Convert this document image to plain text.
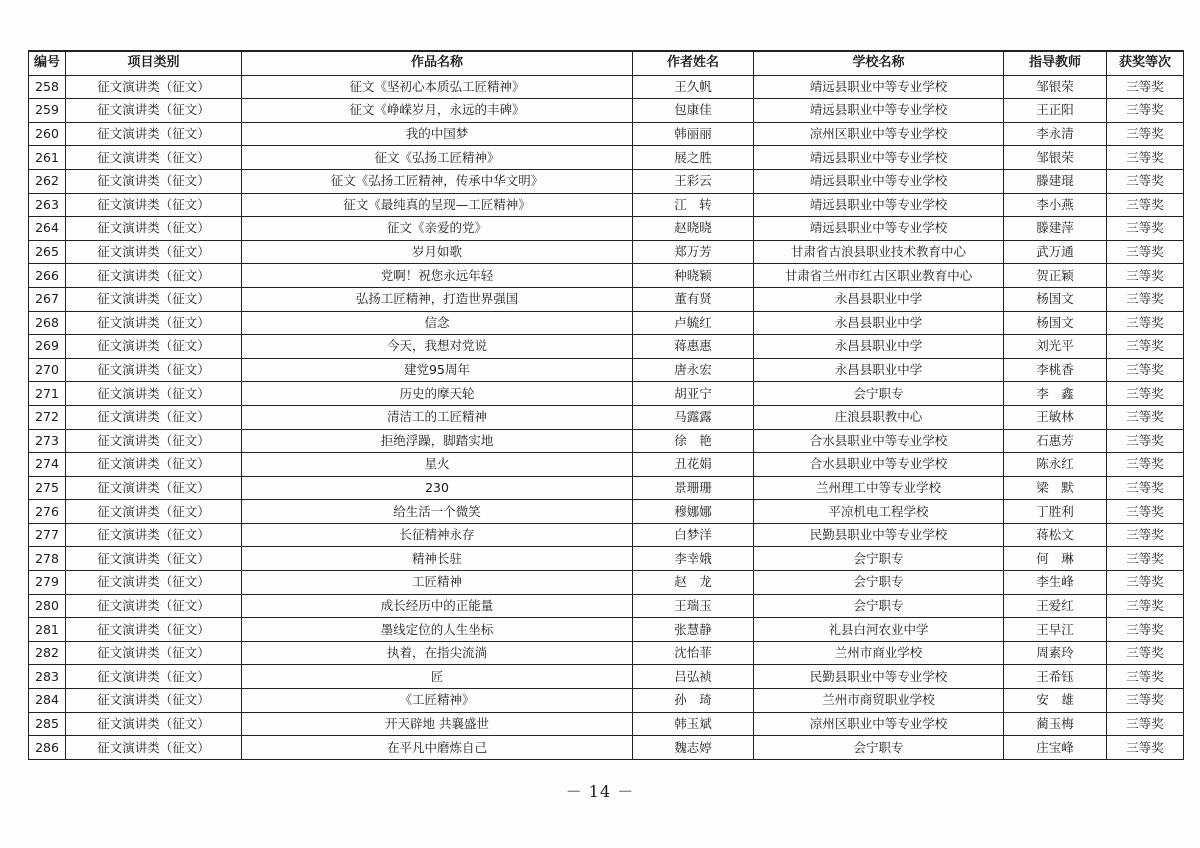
编号	项目类别	作品名称	作者姓名	学校名称	指导教师	获奖等次
258	征文演讲类（征文）	征文《坚初心本质弘工匠精神》	王久帆	靖远县职业中等专业学校	邹银荣	三等奖
259	征文演讲类（征文）	征文《峥嵘岁月，永远的丰碑》	包康佳	靖远县职业中等专业学校	王正阳	三等奖
260	征文演讲类（征文）	我的中国梦	韩丽丽	凉州区职业中等专业学校	李永清	三等奖
261	征文演讲类（征文）	征文《弘扬工匠精神》	展之胜	靖远县职业中等专业学校	邹银荣	三等奖
262	征文演讲类（征文）	征文《弘扬工匠精神，传承中华文明》	王彩云	靖远县职业中等专业学校	滕建琨	三等奖
263	征文演讲类（征文）	征文《最纯真的呈现—工匠精神》	江　转	靖远县职业中等专业学校	李小燕	三等奖
264	征文演讲类（征文）	征文《亲爱的党》	赵晓晓	靖远县职业中等专业学校	滕建萍	三等奖
265	征文演讲类（征文）	岁月如歌	郑万芳	甘肃省古浪县职业技术教育中心	武万通	三等奖
266	征文演讲类（征文）	党啊！祝您永远年轻	种晓颖	甘肃省兰州市红古区职业教育中心	贺正颖	三等奖
267	征文演讲类（征文）	弘扬工匠精神，打造世界强国	董有贤	永昌县职业中学	杨国文	三等奖
268	征文演讲类（征文）	信念	卢毓红	永昌县职业中学	杨国文	三等奖
269	征文演讲类（征文）	今天，我想对党说	蒋惠惠	永昌县职业中学	刘光平	三等奖
270	征文演讲类（征文）	建党95周年	唐永宏	永昌县职业中学	李桃香	三等奖
271	征文演讲类（征文）	历史的摩天轮	胡亚宁	会宁职专	李　鑫	三等奖
272	征文演讲类（征文）	清洁工的工匠精神	马露露	庄浪县职教中心	王敏林	三等奖
273	征文演讲类（征文）	拒绝浮躁，脚踏实地	徐　艳	合水县职业中等专业学校	石惠芳	三等奖
274	征文演讲类（征文）	星火	丑花娟	合水县职业中等专业学校	陈永红	三等奖
275	征文演讲类（征文）	230	景珊珊	兰州理工中等专业学校	梁　默	三等奖
276	征文演讲类（征文）	给生活一个微笑	穆娜娜	平凉机电工程学校	丁胜利	三等奖
277	征文演讲类（征文）	长征精神永存	白梦洋	民勤县职业中等专业学校	蒋松文	三等奖
278	征文演讲类（征文）	精神长驻	李幸娥	会宁职专	何　琳	三等奖
279	征文演讲类（征文）	工匠精神	赵　龙	会宁职专	李生峰	三等奖
280	征文演讲类（征文）	成长经历中的正能量	王瑞玉	会宁职专	王爱红	三等奖
281	征文演讲类（征文）	墨线定位的人生坐标	张慧静	礼县白河农业中学	王早江	三等奖
282	征文演讲类（征文）	执着，在指尖流淌	沈怡菲	兰州市商业学校	周素玲	三等奖
283	征文演讲类（征文）	匠	吕弘祯	民勤县职业中等专业学校	王希钰	三等奖
284	征文演讲类（征文）	《工匠精神》	孙　琦	兰州市商贸职业学校	安　雄	三等奖
285	征文演讲类（征文）	开天辟地 共襄盛世	韩玉斌	凉州区职业中等专业学校	蔺玉梅	三等奖
286	征文演讲类（征文）	在平凡中磨炼自己	魏志婷	会宁职专	庄宝峰	三等奖
－ 14 －
